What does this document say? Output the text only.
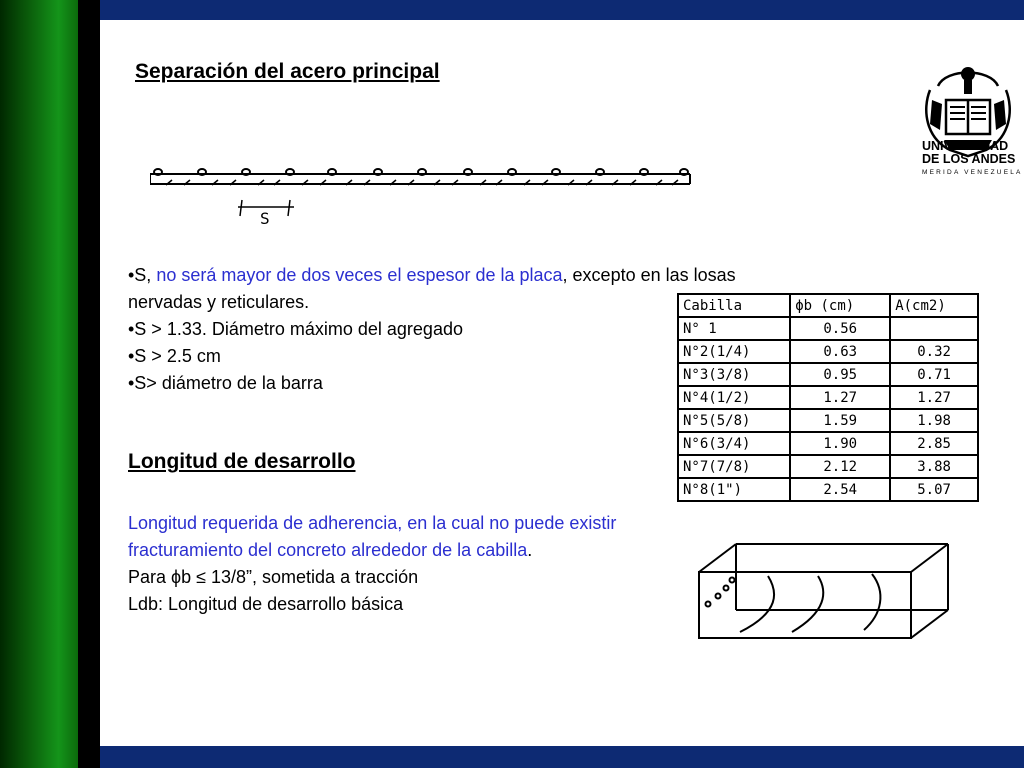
Separación del acero principal
S
•S, no será mayor de dos veces el espesor de la placa, excepto en las losas
nervadas y reticulares.
•S > 1.33. Diámetro máximo del agregado
•S > 2.5 cm
•S> diámetro de la barra
Longitud de desarrollo
Longitud requerida de adherencia, en la cual no puede existir
fracturamiento del concreto alrededor de la cabilla.
Para ϕb ≤ 13/8”, sometida a tracción
Ldb: Longitud de desarrollo básica
Cabilla	ϕb (cm)	A(cm2)
N° 1	0.56	
N°2(1/4)	0.63	0.32
N°3(3/8)	0.95	0.71
N°4(1/2)	1.27	1.27
N°5(5/8)	1.59	1.98
N°6(3/4)	1.90	2.85
N°7(7/8)	2.12	3.88
N°8(1")	2.54	5.07
UNIVERSIDAD
DE LOS ANDES
MERIDA VENEZUELA
